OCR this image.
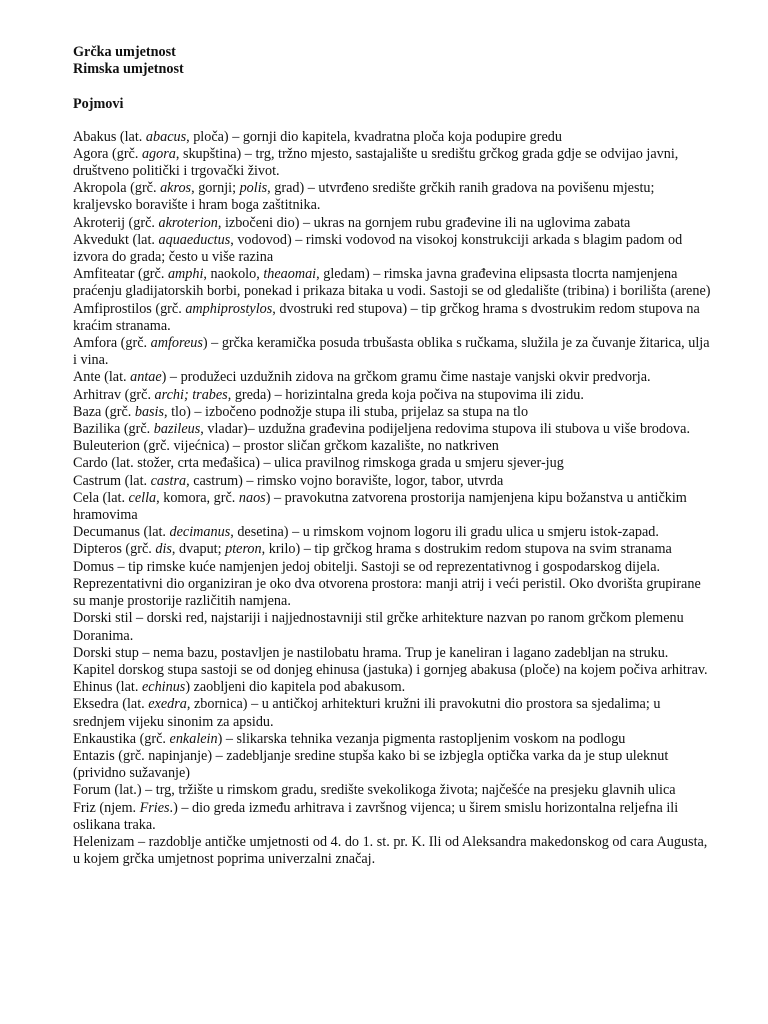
Grčka umjetnost

Rimska umjetnost

Pojmovi

Abakus (lat. abacus, ploča) – gornji dio kapitela, kvadratna ploča koja podupire gredu

Agora (grč. agora, skupština) – trg, tržno mjesto, sastajalište u središtu grčkog grada gdje se odvijao javni, društveno politički i trgovački život.

Akropola (grč. akros, gornji; polis, grad) – utvrđeno središte grčkih ranih gradova na povišenu mjestu; kraljevsko boravište i hram boga zaštitnika.

Akroterij (grč. akroterion, izbočeni dio) – ukras na gornjem rubu građevine ili na uglovima zabata

Akvedukt (lat. aquaeductus, vodovod) – rimski vodovod na visokoj konstrukciji arkada s blagim padom od izvora do grada; često u više razina

Amfiteatar (grč. amphi, naokolo, theaomai, gledam) – rimska javna građevina elipsasta tlocrta namjenjena praćenju gladijatorskih borbi, ponekad i prikaza bitaka u vodi. Sastoji se od gledalište (tribina) i borilišta (arene)

Amfiprostilos (grč. amphiprostylos, dvostruki red stupova) – tip grčkog hrama s dvostrukim redom stupova na kraćim stranama.

Amfora (grč. amforeus) – grčka keramička posuda trbušasta oblika s ručkama, služila je za čuvanje žitarica, ulja i vina.

Ante (lat. antae) – produžeci uzdužnih zidova na grčkom gramu čime nastaje vanjski okvir predvorja.

Arhitrav (grč. archi; trabes, greda) – horizintalna greda koja počiva na stupovima ili zidu.

Baza (grč. basis, tlo) – izbočeno podnožje stupa ili stuba, prijelaz sa stupa na tlo

Bazilika (grč. bazileus, vladar)– uzdužna građevina podijeljena redovima stupova ili stubova u više brodova.

Buleuterion (grč. vijećnica) – prostor sličan grčkom kazalište, no natkriven

Cardo (lat. stožer, crta međašica) – ulica pravilnog rimskoga grada u smjeru sjever-jug

Castrum (lat. castra, castrum) – rimsko vojno boravište, logor, tabor, utvrda

Cela (lat. cella, komora, grč. naos) – pravokutna zatvorena prostorija namjenjena kipu božanstva u antičkim hramovima

Decumanus (lat. decimanus, desetina) – u rimskom vojnom logoru ili gradu ulica u smjeru istok-zapad.

Dipteros (grč. dis, dvaput; pteron, krilo) – tip grčkog hrama s dostrukim redom stupova na svim stranama

Domus – tip rimske kuće namjenjen jedoj obitelji. Sastoji se od reprezentativnog i gospodarskog dijela. Reprezentativni dio organiziran je oko dva otvorena prostora: manji atrij i veći peristil. Oko dvorišta grupirane su manje prostorije različitih namjena.

Dorski stil – dorski red, najstariji i najjednostavniji stil grčke arhitekture nazvan po ranom grčkom plemenu Doranima.

Dorski stup – nema bazu, postavljen je nastilobatu hrama. Trup je kaneliran i lagano zadebljan na struku. Kapitel dorskog stupa sastoji se od donjeg ehinusa (jastuka) i gornjeg abakusa (ploče) na kojem počiva arhitrav.

Ehinus (lat. echinus) zaobljeni dio kapitela pod abakusom.

Eksedra (lat. exedra, zbornica) – u antičkoj arhitekturi kružni ili pravokutni dio prostora sa sjedalima; u srednjem vijeku sinonim za apsidu.

Enkaustika (grč. enkalein) – slikarska tehnika vezanja pigmenta rastopljenim voskom na podlogu

Entazis (grč. napinjanje) – zadebljanje sredine stupša kako bi se izbjegla optička varka da je stup uleknut (prividno sužavanje)

Forum (lat.) – trg, tržište u rimskom gradu, središte svekolikoga života; najčešće na presjeku glavnih ulica

Friz (njem. Fries.) – dio greda između arhitrava i završnog vijenca; u širem smislu horizontalna reljefna ili oslikana traka.

Helenizam – razdoblje antičke umjetnosti od 4. do 1. st. pr. K. Ili od Aleksandra makedonskog od cara Augusta, u kojem grčka umjetnost poprima univerzalni značaj.
